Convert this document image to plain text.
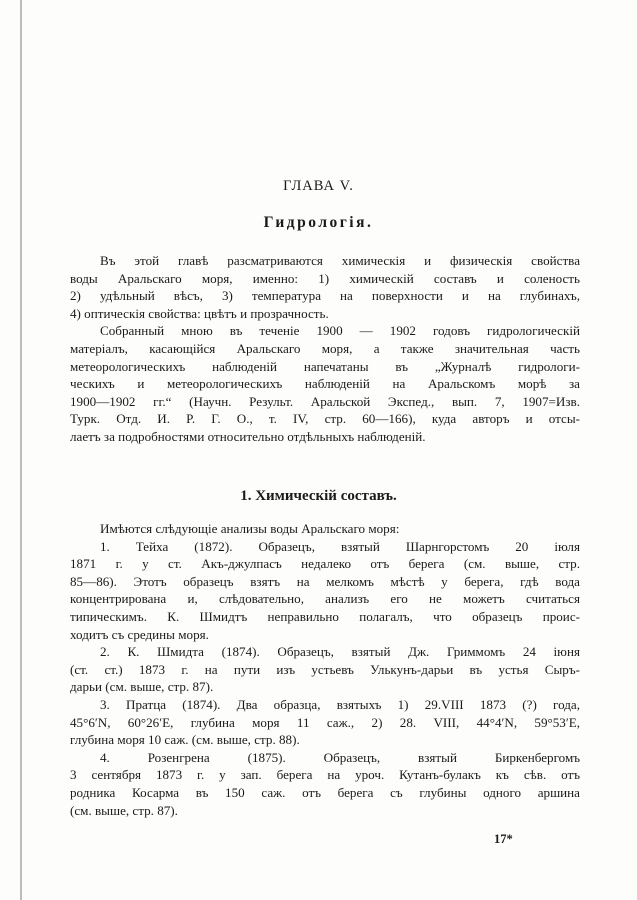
ГЛАВА V.
Гидрологія.
Въ этой главѣ разсматриваются химическія и физическія свойства
воды Аральскаго моря, именно: 1) химическій составъ и соленость
2) удѣльный вѣсъ, 3) температура на поверхности и на глубинахъ,
4) оптическія свойства: цвѣтъ и прозрачность.
Собранный мною въ теченіе 1900 — 1902 годовъ гидрологическій
матеріалъ, касающійся Аральскаго моря, а также значительная часть
метеорологическихъ наблюденій напечатаны въ „Журналѣ гидрологи-
ческихъ и метеорологическихъ наблюденій на Аральскомъ морѣ за
1900—1902 гг.“ (Научн. Результ. Аральской Экспед., вып. 7, 1907=Изв.
Турк. Отд. И. Р. Г. О., т. IV, стр. 60—166), куда авторъ и отсы-
лаетъ за подробностями относительно отдѣльныхъ наблюденій.
1. Химическій составъ.
Имѣются слѣдующіе анализы воды Аральскаго моря:
1. Тейха (1872). Образецъ, взятый Шарнгорстомъ 20 іюля
1871 г. у ст. Акъ-джулпасъ недалеко отъ берега (см. выше, стр.
85—86). Этотъ образецъ взятъ на мелкомъ мѣстѣ у берега, гдѣ вода
концентрирована и, слѣдовательно, анализъ его не можетъ считаться
типическимъ. К. Шмидтъ неправильно полагалъ, что образецъ проис-
ходитъ съ средины моря.
2. К. Шмидта (1874). Образецъ, взятый Дж. Гриммомъ 24 іюня
(ст. ст.) 1873 г. на пути изъ устьевъ Улькунъ-дарьи въ устья Сыръ-
дарьи (см. выше, стр. 87).
3. Пратца (1874). Два образца, взятыхъ 1) 29.VIII 1873 (?) года,
45°6′N, 60°26′E, глубина моря 11 саж., 2) 28. VIII, 44°4′N, 59°53′E,
глубина моря 10 саж. (см. выше, стр. 88).
4. Розенгрена (1875). Образецъ, взятый Биркенбергомъ
3 сентября 1873 г. у зап. берега на уроч. Кутанъ-булакъ къ сѣв. отъ
родника Косарма въ 150 саж. отъ берега съ глубины одного аршина
(см. выше, стр. 87).
17*
